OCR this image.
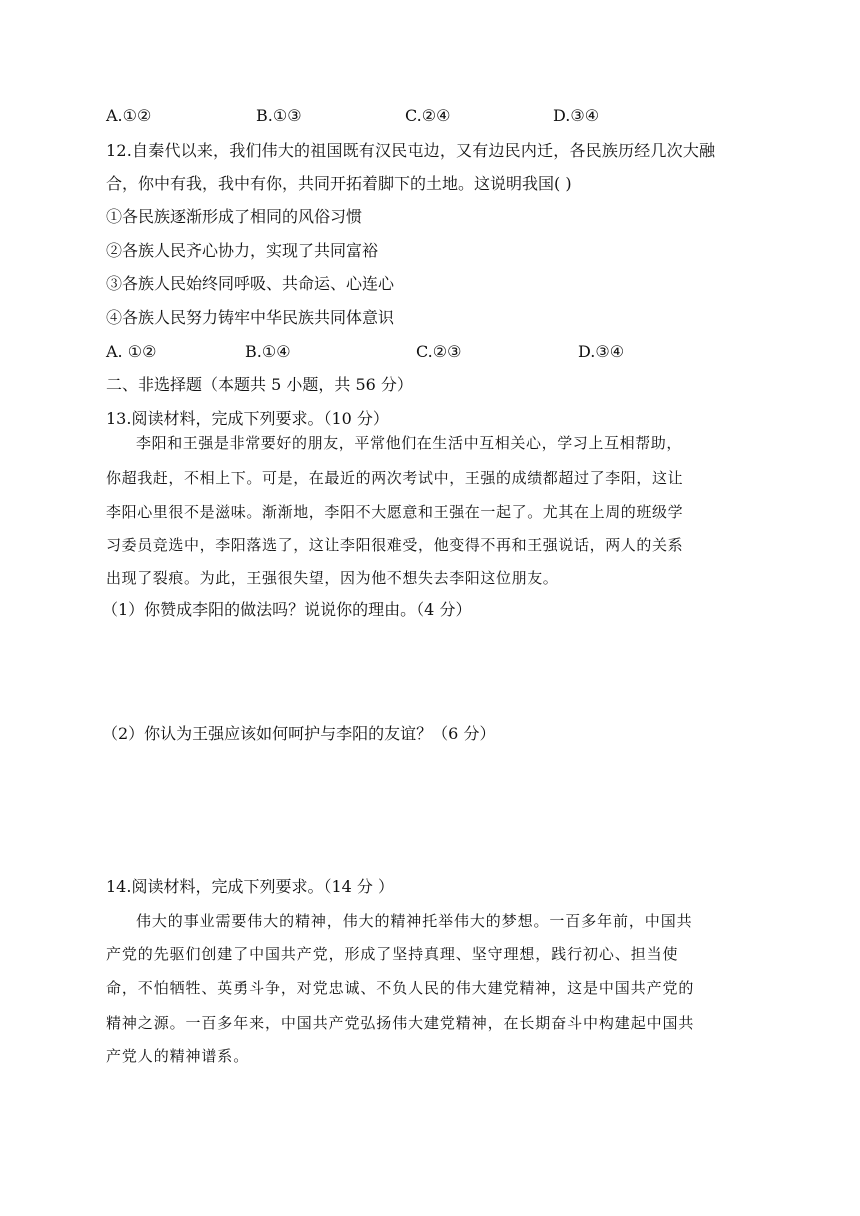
A.①②	B.①③	C.②④	D.③④
12.自秦代以来，我们伟大的祖国既有汉民屯边，又有边民内迁，各民族历经几次大融
合，你中有我，我中有你，共同开拓着脚下的土地。这说明我国( )
①各民族逐渐形成了相同的风俗习惯
②各族人民齐心协力，实现了共同富裕
③各族人民始终同呼吸、共命运、心连心
④各族人民努力铸牢中华民族共同体意识
A. ①②	B.①④	C.②③	D.③④
二、非选择题（本题共 5 小题，共 56 分）
13.阅读材料，完成下列要求。（10 分）
李阳和王强是非常要好的朋友，平常他们在生活中互相关心，学习上互相帮助，
你超我赶，不相上下。可是，在最近的两次考试中，王强的成绩都超过了李阳，这让
李阳心里很不是滋味。渐渐地，李阳不大愿意和王强在一起了。尤其在上周的班级学
习委员竞选中，李阳落选了，这让李阳很难受，他变得不再和王强说话，两人的关系
出现了裂痕。为此，王强很失望，因为他不想失去李阳这位朋友。
（1）你赞成李阳的做法吗？说说你的理由。（4 分）
（2）你认为王强应该如何呵护与李阳的友谊？（6 分）
14.阅读材料，完成下列要求。（14 分 ）
伟大的事业需要伟大的精神，伟大的精神托举伟大的梦想。一百多年前，中国共
产党的先驱们创建了中国共产党，形成了坚持真理、坚守理想，践行初心、担当使
命，不怕牺牲、英勇斗争，对党忠诚、不负人民的伟大建党精神，这是中国共产党的
精神之源。一百多年来，中国共产党弘扬伟大建党精神，在长期奋斗中构建起中国共
产党人的精神谱系。
